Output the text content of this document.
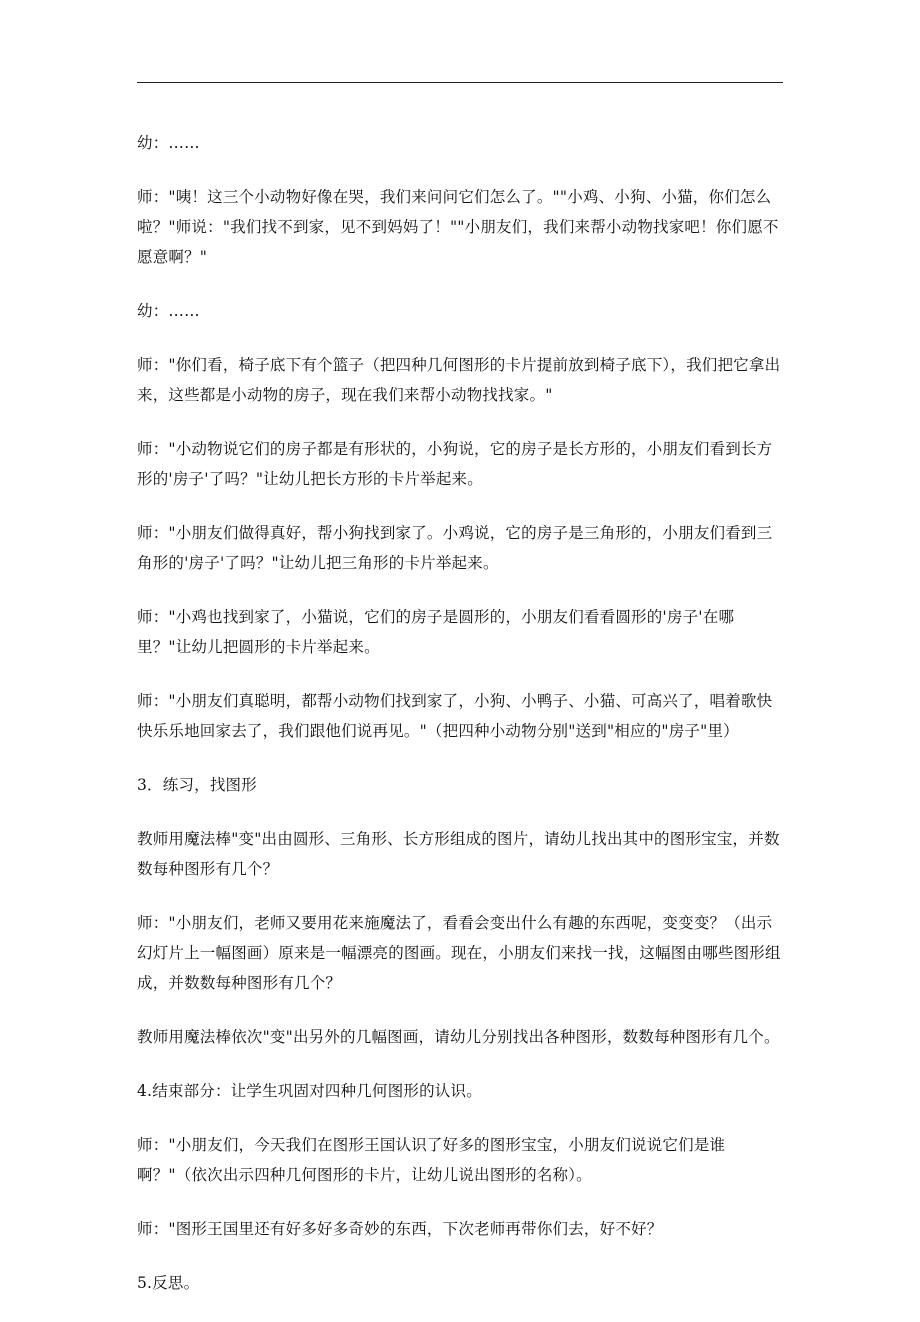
幼：……

师："咦！这三个小动物好像在哭，我们来问问它们怎么了。""小鸡、小狗、小猫，你们怎么啦？"师说："我们找不到家，见不到妈妈了！""小朋友们，我们来帮小动物找家吧！你们愿不愿意啊？"

幼：……

师："你们看，椅子底下有个篮子（把四种几何图形的卡片提前放到椅子底下），我们把它拿出来，这些都是小动物的房子，现在我们来帮小动物找找家。"

师："小动物说它们的房子都是有形状的，小狗说，它的房子是长方形的，小朋友们看到长方形的'房子'了吗？"让幼儿把长方形的卡片举起来。

师："小朋友们做得真好，帮小狗找到家了。小鸡说，它的房子是三角形的，小朋友们看到三角形的'房子'了吗？"让幼儿把三角形的卡片举起来。

师："小鸡也找到家了，小猫说，它们的房子是圆形的，小朋友们看看圆形的'房子'在哪里？"让幼儿把圆形的卡片举起来。

师："小朋友们真聪明，都帮小动物们找到家了，小狗、小鸭子、小猫、可高兴了，唱着歌快快乐乐地回家去了，我们跟他们说再见。"（把四种小动物分别"送到"相应的"房子"里）

3．练习，找图形

教师用魔法棒"变"出由圆形、三角形、长方形组成的图片，请幼儿找出其中的图形宝宝，并数数每种图形有几个？

师："小朋友们，老师又要用花来施魔法了，看看会变出什么有趣的东西呢，变变变？（出示幻灯片上一幅图画）原来是一幅漂亮的图画。现在，小朋友们来找一找，这幅图由哪些图形组成，并数数每种图形有几个？

教师用魔法棒依次"变"出另外的几幅图画，请幼儿分别找出各种图形，数数每种图形有几个。

4.结束部分：让学生巩固对四种几何图形的认识。

师："小朋友们，今天我们在图形王国认识了好多的图形宝宝，小朋友们说说它们是谁啊？"（依次出示四种几何图形的卡片，让幼儿说出图形的名称）。

师："图形王国里还有好多好多奇妙的东西，下次老师再带你们去，好不好？

5.反思。
